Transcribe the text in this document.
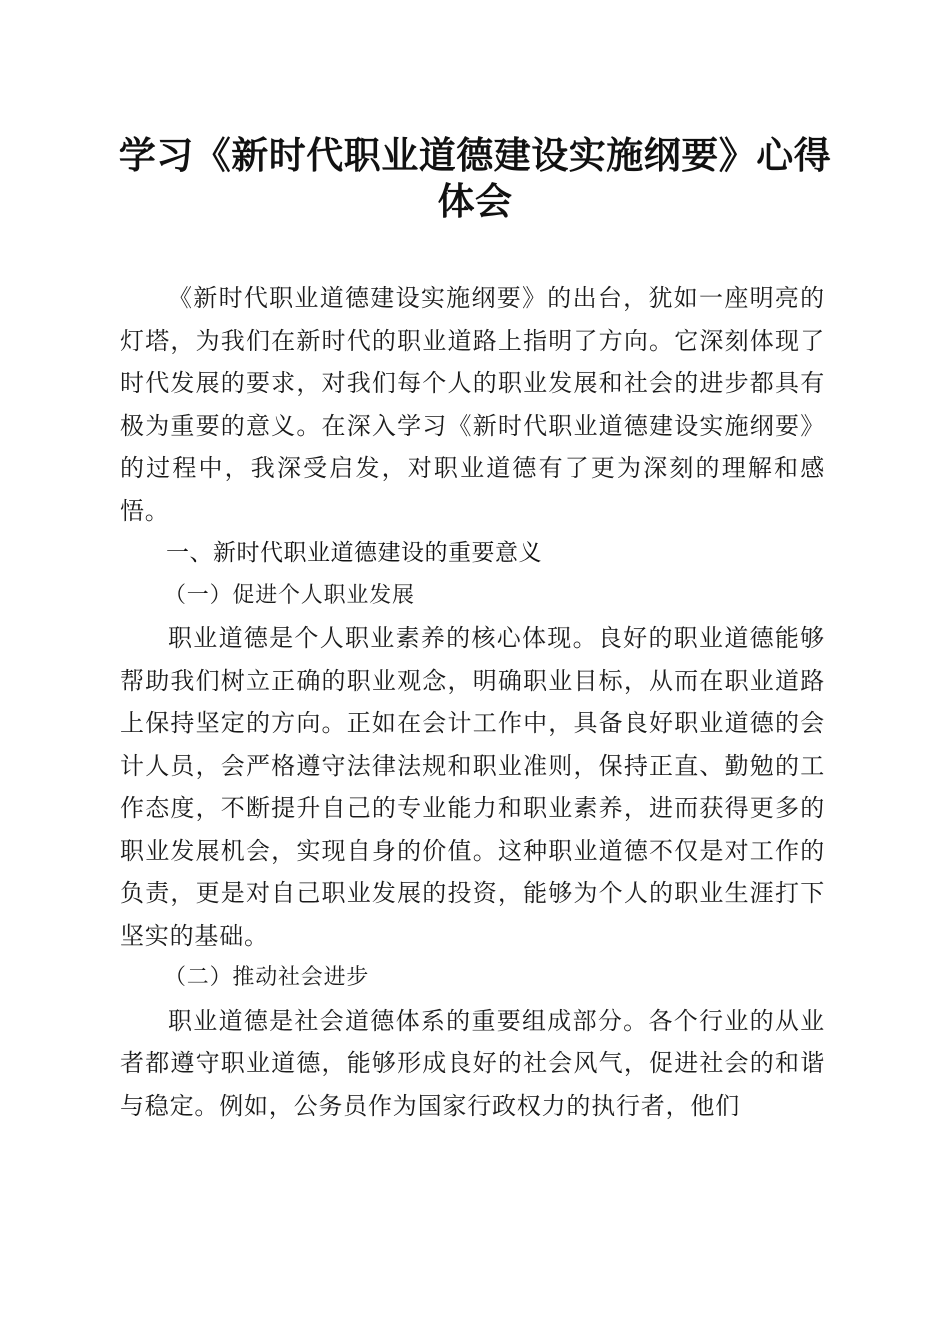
学习《新时代职业道德建设实施纲要》心得体会

《新时代职业道德建设实施纲要》的出台，犹如一座明亮的灯塔，为我们在新时代的职业道路上指明了方向。它深刻体现了时代发展的要求，对我们每个人的职业发展和社会的进步都具有极为重要的意义。在深入学习《新时代职业道德建设实施纲要》的过程中，我深受启发，对职业道德有了更为深刻的理解和感悟。

一、新时代职业道德建设的重要意义

（一）促进个人职业发展

职业道德是个人职业素养的核心体现。良好的职业道德能够帮助我们树立正确的职业观念，明确职业目标，从而在职业道路上保持坚定的方向。正如在会计工作中，具备良好职业道德的会计人员，会严格遵守法律法规和职业准则，保持正直、勤勉的工作态度，不断提升自己的专业能力和职业素养，进而获得更多的职业发展机会，实现自身的价值。这种职业道德不仅是对工作的负责，更是对自己职业发展的投资，能够为个人的职业生涯打下坚实的基础。

（二）推动社会进步

职业道德是社会道德体系的重要组成部分。各个行业的从业者都遵守职业道德，能够形成良好的社会风气，促进社会的和谐与稳定。例如，公务员作为国家行政权力的执行者，他们
